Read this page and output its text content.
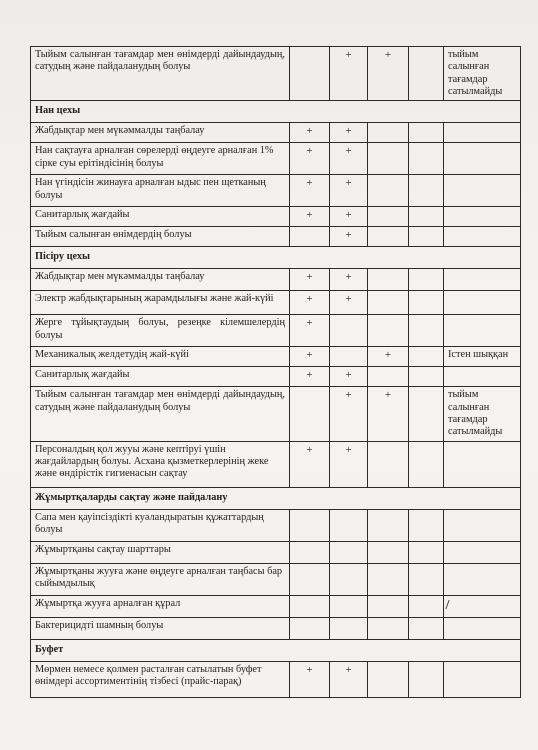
Тыйым салынған тағамдар мен өнімдерді дайындаудың, сатудың және пайдаланудың болуы		+	+		тыйым салынған тағамдар сатылмайды
Нан цехы					
Жабдықтар мен мүкәммалды таңбалау	+	+			
Нан сақтауға арналған сөрелерді өңдеуге арналған 1% сірке суы ерітіндісінің болуы	+	+			
Нан үгіндісін жинауға арналған ыдыс пен щетканың болуы	+	+			
Санитарлық жағдайы	+	+			
Тыйым салынған өнімдердің болуы		+			
Пісіру цехы					
Жабдықтар мен мүкәммалды таңбалау	+	+			
Электр жабдықтарының жарамдылығы және жай-күйі	+	+			
Жерге тұйықтаудың болуы, резеңке кілемшелердің болуы	+				
Механикалық желдетудің жай-күйі	+		+		Істен шыққан
Санитарлық жағдайы	+	+			
Тыйым салынған тағамдар мен өнімдерді дайындаудың, сатудың және пайдаланудың болуы		+	+		тыйым салынған тағамдар сатылмайды
Персоналдың қол жууы және кептіруі үшін жағдайлардың болуы. Асхана қызметкерлерінің жеке және өндірістік гигиенасын сақтау	+	+			
Жұмыртқаларды сақтау және пайдалану					
Сапа мен қауіпсіздікті куәландыратын құжаттардың болуы					
Жұмыртқаны сақтау шарттары					
Жұмыртқаны жууға және өңдеуге арналған таңбасы бар сыйымдылық					
Жұмыртқа жууға арналған құрал					
Бактерицидті шамның болуы					
Буфет					
Мөрмен немесе қолмен расталған сатылатын буфет өнімдері ассортиментінің тізбесі (прайс-парақ)	+	+			
